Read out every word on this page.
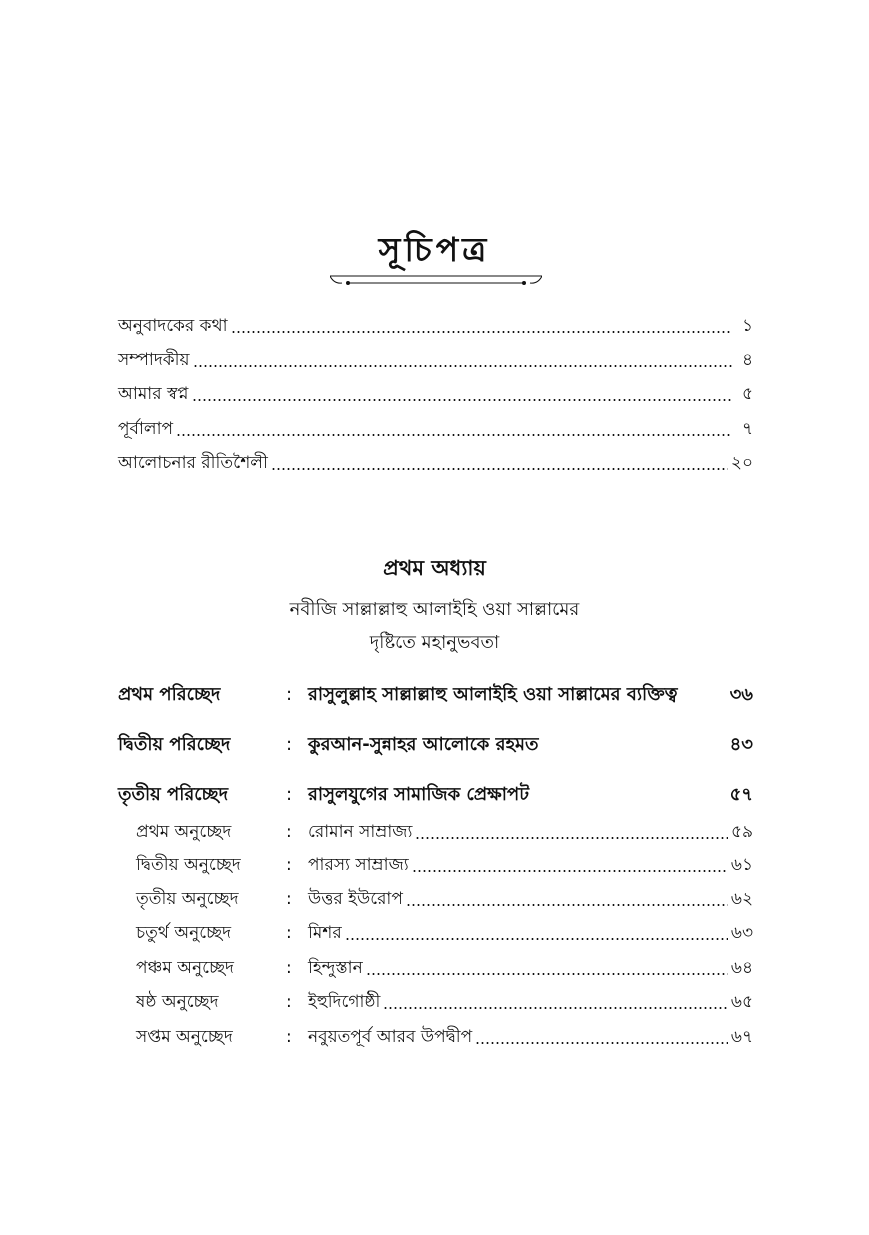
সূচিপত্র
অনুবাদকের কথা	১
সম্পাদকীয়	৪
আমার স্বপ্ন	৫
পূর্বালাপ	৭
আলোচনার রীতিশৈলী	২০
প্রথম অধ্যায়
নবীজি সাল্লাল্লাহু আলাইহি ওয়া সাল্লামের
দৃষ্টিতে মহানুভবতা
প্রথম পরিচ্ছেদ	: রাসুলুল্লাহ সাল্লাল্লাহু আলাইহি ওয়া সাল্লামের ব্যক্তিত্ব	৩৬
দ্বিতীয় পরিচ্ছেদ	: কুরআন-সুন্নাহর আলোকে রহমত	৪৩
তৃতীয় পরিচ্ছেদ	: রাসুলযুগের সামাজিক প্রেক্ষাপট	৫৭
প্রথম অনুচ্ছেদ	: রোমান সাম্রাজ্য	৫৯
দ্বিতীয় অনুচ্ছেদ	: পারস্য সাম্রাজ্য	৬১
তৃতীয় অনুচ্ছেদ	: উত্তর ইউরোপ	৬২
চতুর্থ অনুচ্ছেদ	: মিশর	৬৩
পঞ্চম অনুচ্ছেদ	: হিন্দুস্তান	৬৪
ষষ্ঠ অনুচ্ছেদ	: ইহুদিগোষ্ঠী	৬৫
সপ্তম অনুচ্ছেদ	: নবুয়তপূর্ব আরব উপদ্বীপ	৬৭
